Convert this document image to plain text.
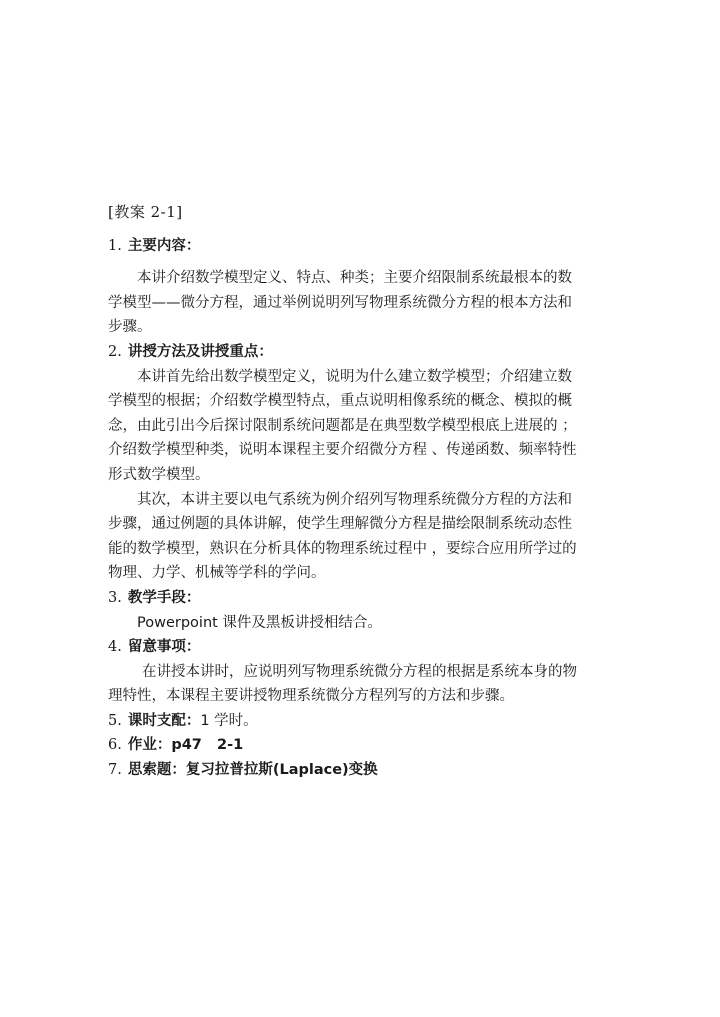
[教案 2-1]
1. 主要内容：
本讲介绍数学模型定义、特点、种类；主要介绍限制系统最根本的数
学模型——微分方程，通过举例说明列写物理系统微分方程的根本方法和
步骤。
2. 讲授方法及讲授重点：
本讲首先给出数学模型定义，说明为什么建立数学模型；介绍建立数
学模型的根据；介绍数学模型特点，重点说明相像系统的概念、模拟的概
念，由此引出今后探讨限制系统问题都是在典型数学模型根底上进展的 ；
介绍数学模型种类，说明本课程主要介绍微分方程 、传递函数、频率特性
形式数学模型。
其次，本讲主要以电气系统为例介绍列写物理系统微分方程的方法和
步骤，通过例题的具体讲解，使学生理解微分方程是描绘限制系统动态性
能的数学模型，熟识在分析具体的物理系统过程中 ，要综合应用所学过的
物理、力学、机械等学科的学问。
3. 教学手段：
Powerpoint 课件及黑板讲授相结合。
4. 留意事项：
在讲授本讲时，应说明列写物理系统微分方程的根据是系统本身的物
理特性，本课程主要讲授物理系统微分方程列写的方法和步骤。
5. 课时支配：1 学时。
6. 作业：p47   2-1
7. 思索题：复习拉普拉斯(Laplace)变换
